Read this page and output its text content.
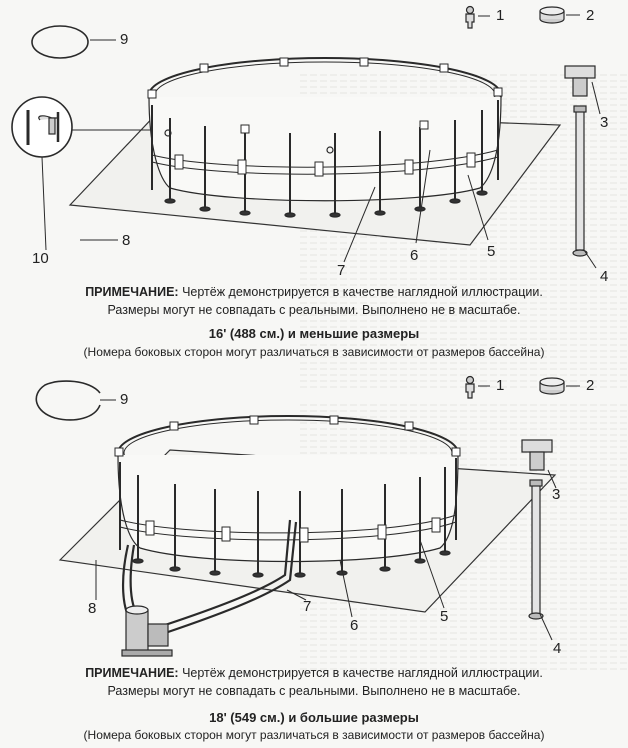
1	2
3
4
5
6
7
8
9
10
1	2
3
4
5
6
7
8
9
ПРИМЕЧАНИЕ: Чертёж демонстрируется в качестве наглядной иллюстрации.
Размеры могут не совпадать с реальными. Выполнено не в масштабе.
16' (488 см.) и меньшие размеры
(Номера боковых сторон могут различаться в зависимости от размеров бассейна)
ПРИМЕЧАНИЕ: Чертёж демонстрируется в качестве наглядной иллюстрации.
Размеры могут не совпадать с реальными. Выполнено не в масштабе.
18' (549 см.) и большие размеры
(Номера боковых сторон могут различаться в зависимости от размеров бассейна)
